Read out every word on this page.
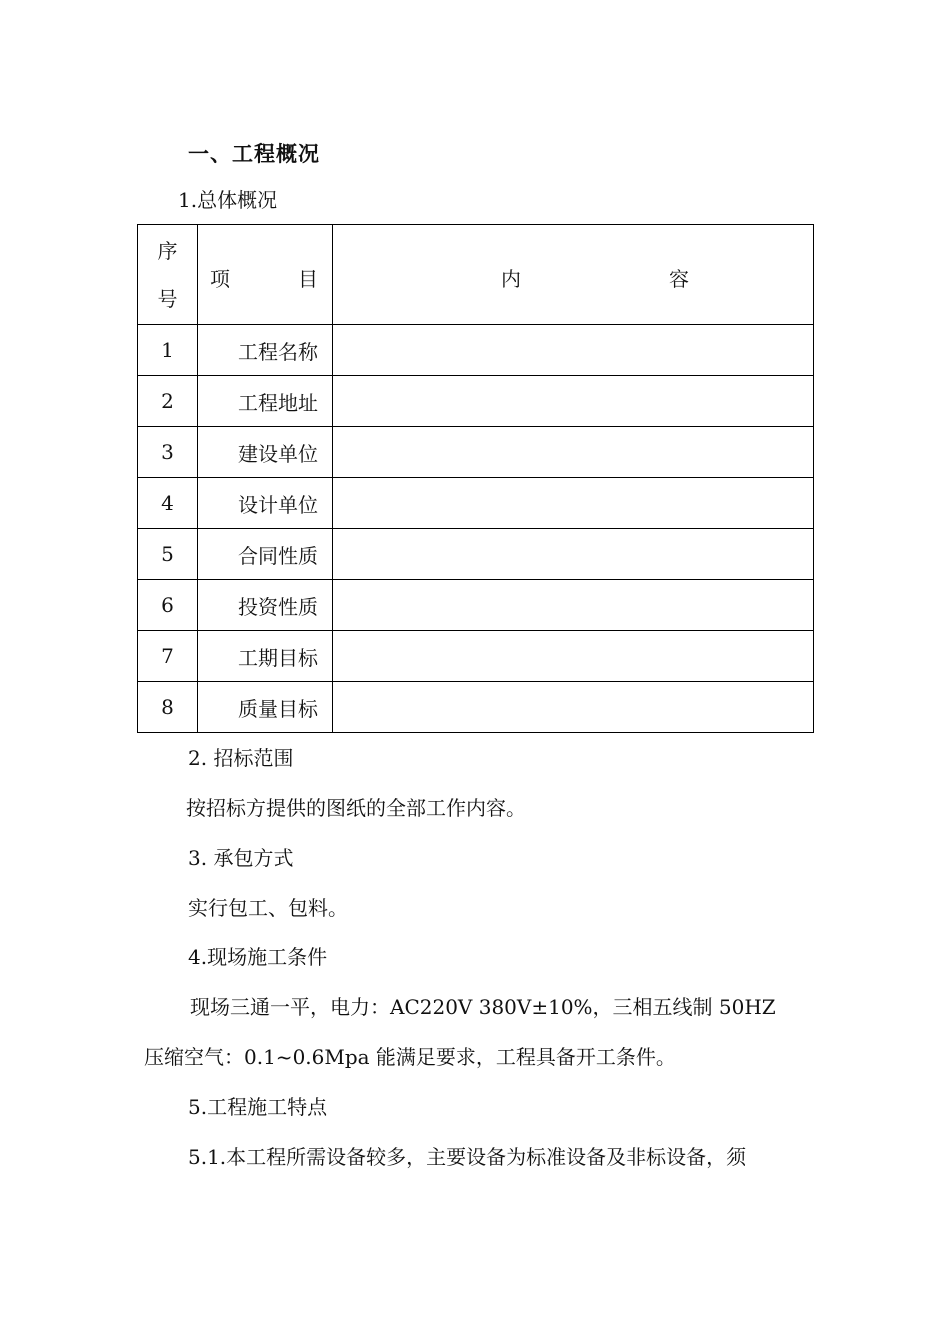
一、工程概况
1.总体概况
序
号	项 目	内 容

1	工程名称	
2	工程地址	
3	建设单位	
4	设计单位	
5	合同性质	
6	投资性质	
7	工期目标	
8	质量目标	
2. 招标范围
按招标方提供的图纸的全部工作内容。
3. 承包方式
实行包工、包料。
4.现场施工条件
现场三通一平，电力：AC220V 380V±10%，三相五线制 50HZ
压缩空气：0.1~0.6Mpa 能满足要求，工程具备开工条件。
5.工程施工特点
5.1.本工程所需设备较多，主要设备为标准设备及非标设备，须
